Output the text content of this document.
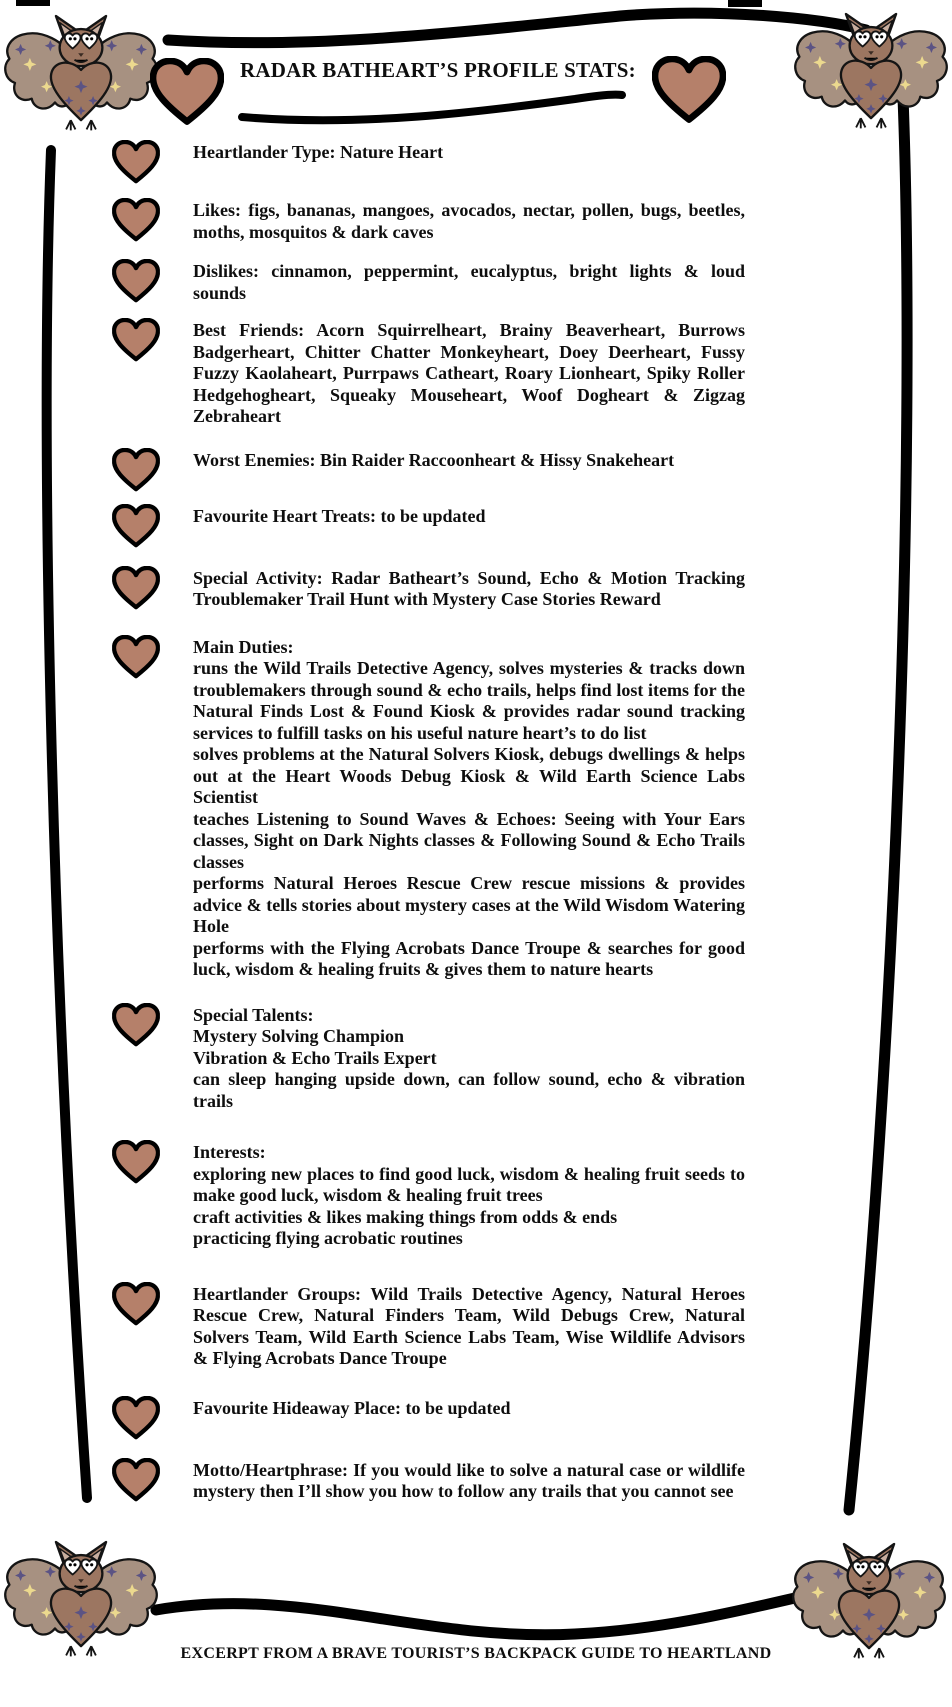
RADAR BATHEART’S PROFILE STATS:

Heartlander Type: Nature Heart

Likes: figs, bananas, mangoes, avocados, nectar, pollen, bugs, beetles, moths, mosquitos & dark caves

Dislikes: cinnamon, peppermint, eucalyptus, bright lights & loud sounds

Best Friends: Acorn Squirrelheart, Brainy Beaverheart, Burrows Badgerheart, Chitter Chatter Monkeyheart, Doey Deerheart, Fussy Fuzzy Kaolaheart, Purrpaws Catheart, Roary Lionheart, Spiky Roller Hedgehogheart, Squeaky Mouseheart, Woof Dogheart & Zigzag Zebraheart

Worst Enemies: Bin Raider Raccoonheart & Hissy Snakeheart

Favourite Heart Treats: to be updated

Special Activity: Radar Batheart’s Sound, Echo & Motion Tracking Troublemaker Trail Hunt with Mystery Case Stories Reward

Main Duties:

runs the Wild Trails Detective Agency, solves mysteries & tracks down troublemakers through sound & echo trails, helps find lost items for the Natural Finds Lost & Found Kiosk & provides radar sound tracking services to fulfill tasks on his useful nature heart’s to do list

solves problems at the Natural Solvers Kiosk, debugs dwellings & helps out at the Heart Woods Debug Kiosk & Wild Earth Science Labs Scientist

teaches Listening to Sound Waves & Echoes: Seeing with Your Ears classes, Sight on Dark Nights classes & Following Sound & Echo Trails classes

performs Natural Heroes Rescue Crew rescue missions & provides advice & tells stories about mystery cases at the Wild Wisdom Watering Hole

performs with the Flying Acrobats Dance Troupe & searches for good luck, wisdom & healing fruits & gives them to nature hearts

Special Talents:

Mystery Solving Champion

Vibration & Echo Trails Expert

can sleep hanging upside down, can follow sound, echo & vibration trails

Interests:

exploring new places to find good luck, wisdom & healing fruit seeds to make good luck, wisdom & healing fruit trees

craft activities & likes making things from odds & ends

practicing flying acrobatic routines

Heartlander Groups: Wild Trails Detective Agency, Natural Heroes Rescue Crew, Natural Finders Team, Wild Debugs Crew, Natural Solvers Team, Wild Earth Science Labs Team, Wise Wildlife Advisors & Flying Acrobats Dance Troupe

Favourite Hideaway Place: to be updated

Motto/Heartphrase: If you would like to solve a natural case or wildlife mystery then I’ll show you how to follow any trails that you cannot see

EXCERPT FROM A BRAVE TOURIST’S BACKPACK GUIDE TO HEARTLAND
